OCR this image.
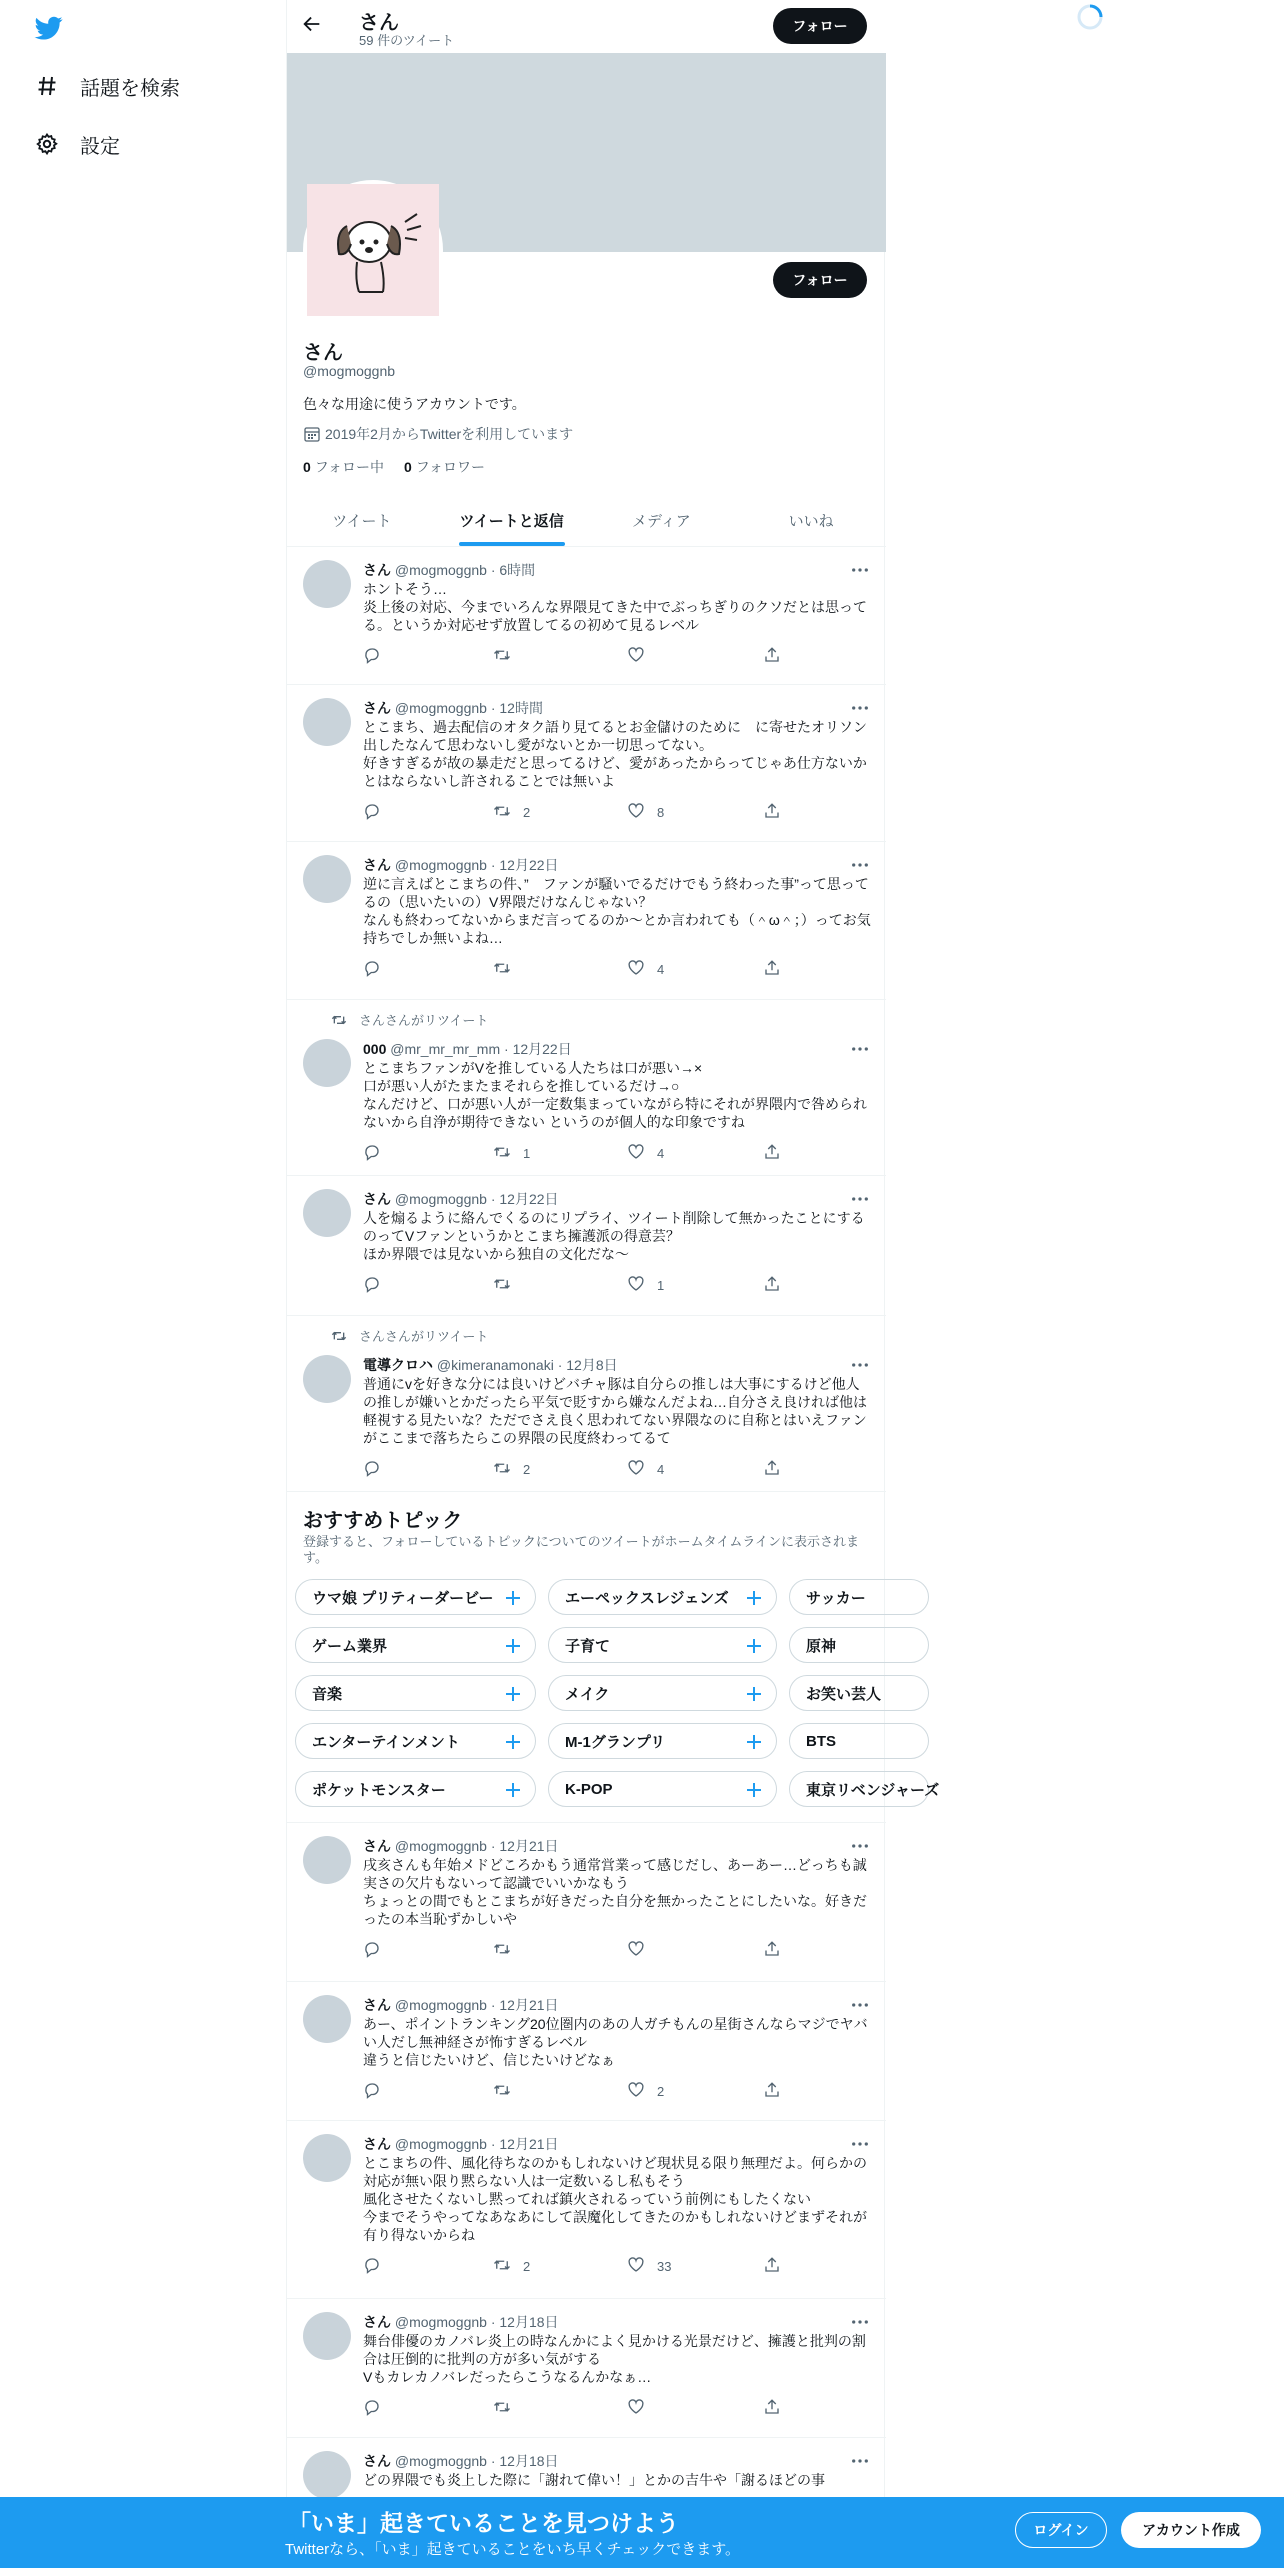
話題を検索
設定
さん
59 件のツイート
フォロー
フォロー
さん
@mogmoggnb
色々な用途に使うアカウントです。
2019年2月からTwitterを利用しています
0 フォロー中 0 フォロワー
ツイート	ツイートと返信	メディア	いいね
さん @mogmoggnb · 6時間
ホントそう…
炎上後の対応、今までいろんな界隈見てきた中でぶっちぎりのクソだとは思ってる。というか対応せず放置してるの初めて見るレベル
さん @mogmoggnb · 12時間
とこまち、過去配信のオタク語り見てるとお金儲けのために　に寄せたオリソン出したなんて思わないし愛がないとか一切思ってない。
好きすぎるが故の暴走だと思ってるけど、愛があったからってじゃあ仕方ないかとはならないし許されることでは無いよ
2	8
さん @mogmoggnb · 12月22日
逆に言えばとこまちの件、”　ファンが騒いでるだけでもう終わった事”って思ってるの（思いたいの）V界隈だけなんじゃない？
なんも終わってないからまだ言ってるのか～とか言われても（＾ω＾；）ってお気持ちでしか無いよね…
4
さんさんがリツイート
000 @mr_mr_mr_mm · 12月22日
とこまちファンがVを推している人たちは口が悪い→×
口が悪い人がたまたまそれらを推しているだけ→○
なんだけど、口が悪い人が一定数集まっていながら特にそれが界隈内で咎められないから自浄が期待できない というのが個人的な印象ですね
1	4
さん @mogmoggnb · 12月22日
人を煽るように絡んでくるのにリプライ、ツイート削除して無かったことにするのってVファンというかとこまち擁護派の得意芸？
ほか界隈では見ないから独自の文化だな～
1
さんさんがリツイート
電導クロハ @kimeranamonaki · 12月8日
普通にvを好きな分には良いけどバチャ豚は自分らの推しは大事にするけど他人の推しが嫌いとかだったら平気で貶すから嫌なんだよね…自分さえ良ければ他は軽視する見たいな？ただでさえ良く思われてない界隈なのに自称とはいえファンがここまで落ちたらこの界隈の民度終わってるて
2	4
さん @mogmoggnb · 12月21日
戌亥さんも年始メドどころかもう通常営業って感じだし、あーあー…どっちも誠実さの欠片もないって認識でいいかなもう
ちょっとの間でもとこまちが好きだった自分を無かったことにしたいな。好きだったの本当恥ずかしいや
さん @mogmoggnb · 12月21日
あー、ポイントランキング20位圏内のあの人ガチもんの星街さんならマジでヤバい人だし無神経さが怖すぎるレベル
違うと信じたいけど、信じたいけどなぁ
2
さん @mogmoggnb · 12月21日
とこまちの件、風化待ちなのかもしれないけど現状見る限り無理だよ。何らかの対応が無い限り黙らない人は一定数いるし私もそう
風化させたくないし黙ってれば鎮火されるっていう前例にもしたくない
今までそうやってなあなあにして誤魔化してきたのかもしれないけどまずそれが有り得ないからね
2	33
さん @mogmoggnb · 12月18日
舞台俳優のカノバレ炎上の時なんかによく見かける光景だけど、擁護と批判の割合は圧倒的に批判の方が多い気がする
Vもカレカノバレだったらこうなるんかなぁ…
さん @mogmoggnb · 12月18日
どの界隈でも炎上した際に「謝れて偉い！」とかの吉牛や「謝るほどの事
おすすめトピック
登録すると、フォローしているトピックについてのツイートがホームタイムラインに表示されます。
ウマ娘 プリティーダービー	エーペックスレジェンズ	サッカー
ゲーム業界	子育て	原神
音楽	メイク	お笑い芸人
エンターテインメント	M-1グランプリ	BTS
ポケットモンスター	K-POP	東京リベンジャーズ
「いま」起きていることを見つけよう
Twitterなら、「いま」起きていることをいち早くチェックできます。
ログイン	アカウント作成
